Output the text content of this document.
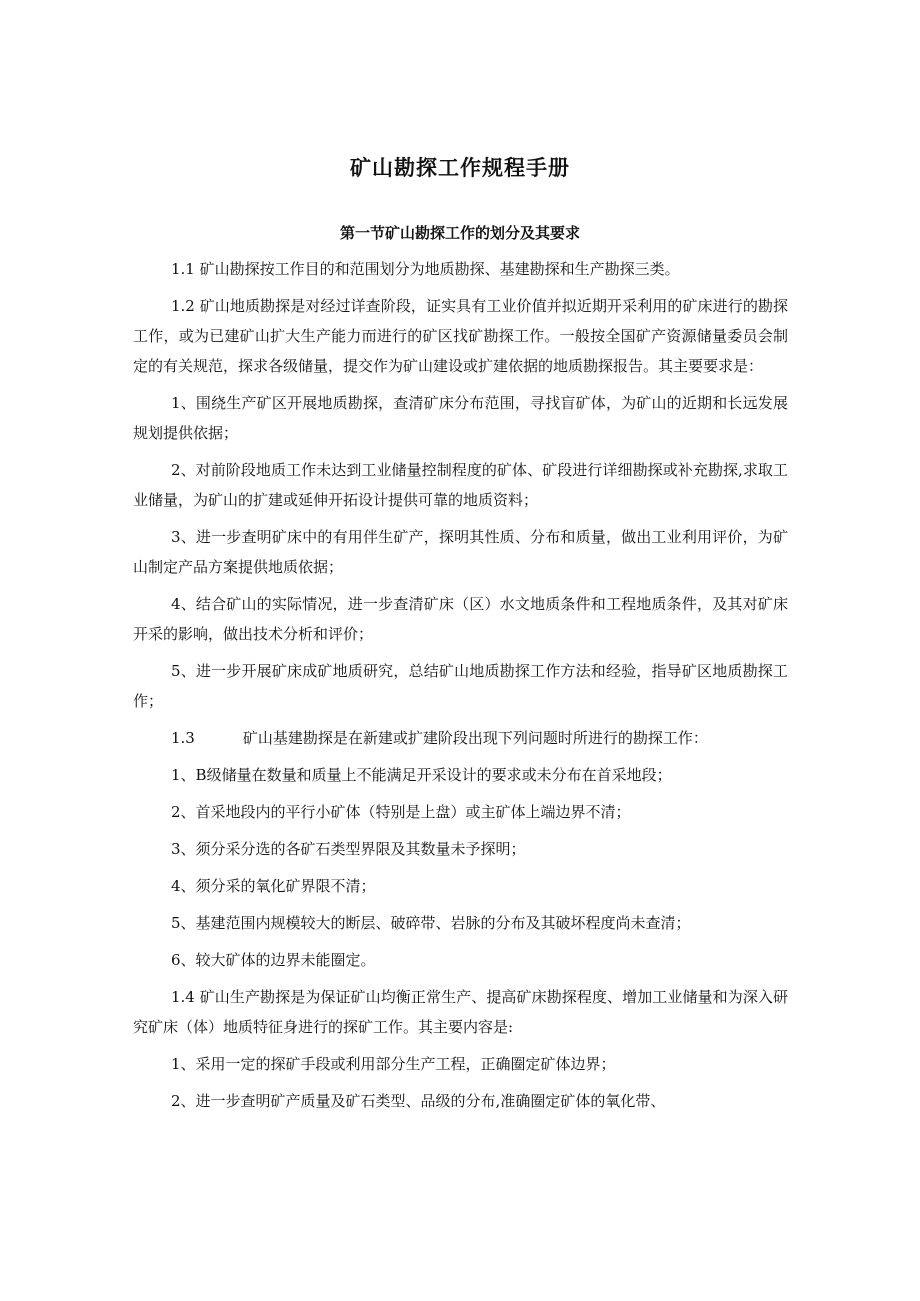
矿山勘探工作规程手册
第一节矿山勘探工作的划分及其要求

1.1 矿山勘探按工作目的和范围划分为地质勘探、基建勘探和生产勘探三类。

1.2 矿山地质勘探是对经过详查阶段，证实具有工业价值并拟近期开采利用的矿床进行的勘探工作，或为已建矿山扩大生产能力而进行的矿区找矿勘探工作。一般按全国矿产资源储量委员会制定的有关规范，探求各级储量，提交作为矿山建设或扩建依据的地质勘探报告。其主要要求是：

1、围绕生产矿区开展地质勘探，查清矿床分布范围，寻找盲矿体，为矿山的近期和长远发展规划提供依据；

2、对前阶段地质工作未达到工业储量控制程度的矿体、矿段进行详细勘探或补充勘探,求取工业储量，为矿山的扩建或延伸开拓设计提供可靠的地质资料；

3、进一步查明矿床中的有用伴生矿产，探明其性质、分布和质量，做出工业利用评价，为矿山制定产品方案提供地质依据；

4、结合矿山的实际情况，进一步查清矿床（区）水文地质条件和工程地质条件，及其对矿床开采的影响，做出技术分析和评价；

5、进一步开展矿床成矿地质研究，总结矿山地质勘探工作方法和经验，指导矿区地质勘探工作；

1.3	矿山基建勘探是在新建或扩建阶段出现下列问题时所进行的勘探工作：

1、B级储量在数量和质量上不能满足开采设计的要求或未分布在首采地段；

2、首采地段内的平行小矿体（特别是上盘）或主矿体上端边界不清；

3、须分采分选的各矿石类型界限及其数量未予探明；

4、须分采的氧化矿界限不清；

5、基建范围内规模较大的断层、破碎带、岩脉的分布及其破坏程度尚未查清；

6、较大矿体的边界未能圈定。

1.4 矿山生产勘探是为保证矿山均衡正常生产、提高矿床勘探程度、增加工业储量和为深入研究矿床（体）地质特征身进行的探矿工作。其主要内容是:

1、采用一定的探矿手段或利用部分生产工程，正确圈定矿体边界；

2、进一步查明矿产质量及矿石类型、品级的分布,准确圈定矿体的氧化带、
